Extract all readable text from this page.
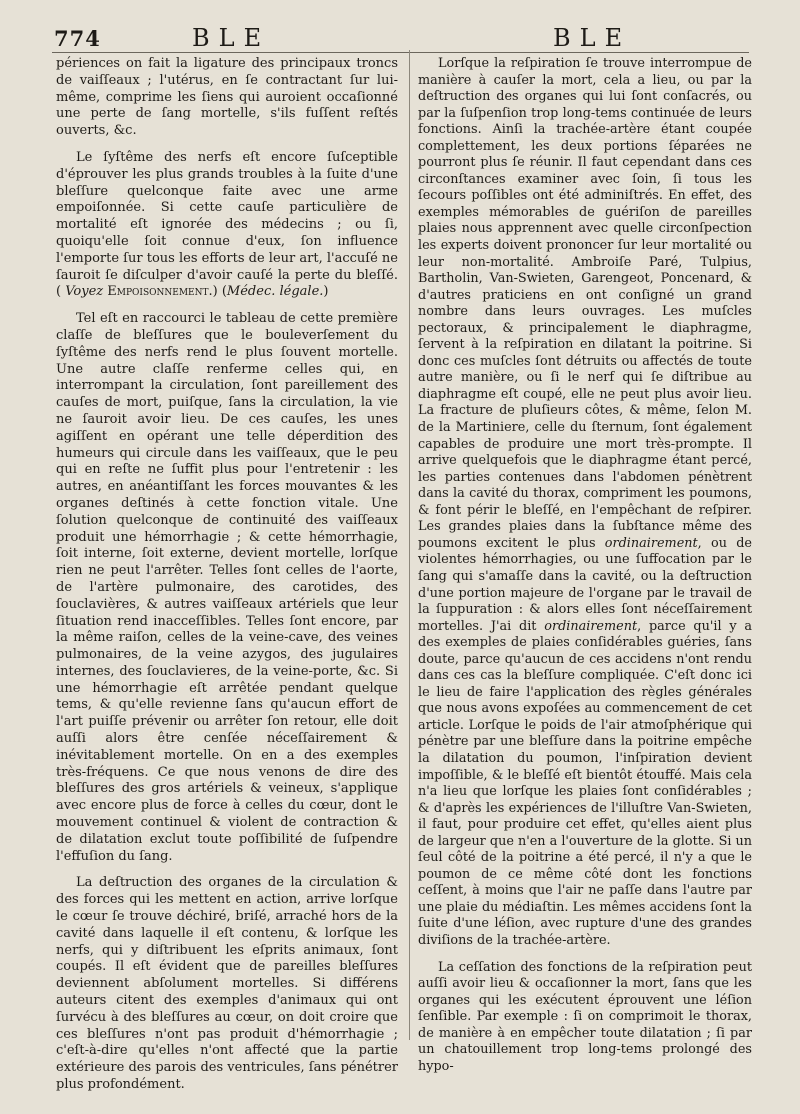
774	BLE	BLE

périences on fait la ligature des principaux troncs de vaiſſeaux ; l'utérus, en ſe contractant ſur lui-même, comprime les ſiens qui auroient occaſionné une perte de ſang mortelle, s'ils fuſſent reſtés ouverts, &c.

Le ſyſtême des nerfs eſt encore ſuſceptible d'éprouver les plus grands troubles à la ſuite d'une bleſſure quelconque faite avec une arme empoiſonnée. Si cette cauſe particulière de mortalité eſt ignorée des médecins ; ou ſi, quoiqu'elle ſoit connue d'eux, ſon influence l'emporte ſur tous les efforts de leur art, l'accuſé ne ſauroit ſe diſculper d'avoir cauſé la perte du bleſſé. ( Voyez Empoisonnement.) (Médec. légale.)

Tel eſt en raccourci le tableau de cette première claſſe de bleſſures que le bouleverſement du ſyſtême des nerfs rend le plus ſouvent mortelle. Une autre claſſe renferme celles qui, en interrompant la circulation, ſont pareillement des cauſes de mort, puiſque, ſans la circulation, la vie ne ſauroit avoir lieu. De ces cauſes, les unes agiſſent en opérant une telle déperdition des humeurs qui circule dans les vaiſſeaux, que le peu qui en reſte ne ſuffit plus pour l'entretenir : les autres, en anéantiſſant les forces mouvantes & les organes deſtinés à cette fonction vitale. Une ſolution quelconque de continuité des vaiſſeaux produit une hémorrhagie ; & cette hémorrhagie, ſoit interne, ſoit externe, devient mortelle, lorſque rien ne peut l'arrêter. Telles ſont celles de l'aorte, de l'artère pulmonaire, des carotides, des ſouclavières, & autres vaiſſeaux artériels que leur ſituation rend inacceſſibles. Telles ſont encore, par la même raiſon, celles de la veine-cave, des veines pulmonaires, de la veine azygos, des jugulaires internes, des ſouclavieres, de la veine-porte, &c. Si une hémorrhagie eſt arrêtée pendant quelque tems, & qu'elle revienne ſans qu'aucun effort de l'art puiſſe prévenir ou arrêter ſon retour, elle doit auſſi alors être cenſée néceſſairement & inévitablement mortelle. On en a des exemples très-fréquens. Ce que nous venons de dire des bleſſures des gros artériels & veineux, s'applique avec encore plus de force à celles du cœur, dont le mouvement continuel & violent de contraction & de dilatation exclut toute poſſibilité de ſuſpendre l'effuſion du ſang.

La deſtruction des organes de la circulation & des forces qui les mettent en action, arrive lorſque le cœur ſe trouve déchiré, briſé, arraché hors de la cavité dans laquelle il eſt contenu, & lorſque les nerfs, qui y diſtribuent les eſprits animaux, ſont coupés. Il eſt évident que de pareilles bleſſures deviennent abſolument mortelles. Si différens auteurs citent des exemples d'animaux qui ont ſurvécu à des bleſſures au cœur, on doit croire que ces bleſſures n'ont pas produit d'hémorrhagie ; c'eſt-à-dire qu'elles n'ont affecté que la partie extérieure des parois des ventricules, ſans pénétrer plus profondément.

Lorſque la reſpiration ſe trouve interrompue de manière à cauſer la mort, cela a lieu, ou par la deſtruction des organes qui lui ſont conſacrés, ou par la ſuſpenſion trop long-tems continuée de leurs fonctions. Ainſi la trachée-artère étant coupée complettement, les deux portions ſéparées ne pourront plus ſe réunir. Il faut cependant dans ces circonſtances examiner avec ſoin, ſi tous les ſecours poſſibles ont été adminiſtrés. En effet, des exemples mémorables de guériſon de pareilles plaies nous apprennent avec quelle circonſpection les experts doivent prononcer ſur leur mortalité ou leur non-mortalité. Ambroiſe Paré, Tulpius, Bartholin, Van-Swieten, Garengeot, Poncenard, & d'autres praticiens en ont conſigné un grand nombre dans leurs ouvrages. Les muſcles pectoraux, & principalement le diaphragme, ſervent à la reſpiration en dilatant la poitrine. Si donc ces muſcles ſont détruits ou affectés de toute autre manière, ou ſi le nerf qui ſe diſtribue au diaphragme eſt coupé, elle ne peut plus avoir lieu. La fracture de pluſieurs côtes, & même, ſelon M. de la Martiniere, celle du ſternum, ſont également capables de produire une mort très-prompte. Il arrive quelquefois que le diaphragme étant percé, les parties contenues dans l'abdomen pénètrent dans la cavité du thorax, compriment les poumons, & font périr le bleſſé, en l'empêchant de reſpirer. Les grandes plaies dans la ſubſtance même des poumons excitent le plus ordinairement, ou de violentes hémorrhagies, ou une ſuffocation par le ſang qui s'amaſſe dans la cavité, ou la deſtruction d'une portion majeure de l'organe par le travail de la ſuppuration : & alors elles ſont néceſſairement mortelles. J'ai dit ordinairement, parce qu'il y a des exemples de plaies conſidérables guéries, ſans doute, parce qu'aucun de ces accidens n'ont rendu dans ces cas la bleſſure compliquée. C'eſt donc ici le lieu de faire l'application des règles générales que nous avons expoſées au commencement de cet article. Lorſque le poids de l'air atmoſphérique qui pénètre par une bleſſure dans la poitrine empêche la dilatation du poumon, l'inſpiration devient impoſſible, & le bleſſé eſt bientôt étouffé. Mais cela n'a lieu que lorſque les plaies ſont conſidérables ; & d'après les expériences de l'illuſtre Van-Swieten, il faut, pour produire cet effet, qu'elles aient plus de largeur que n'en a l'ouverture de la glotte. Si un ſeul côté de la poitrine a été percé, il n'y a que le poumon de ce même côté dont les fonctions ceſſent, à moins que l'air ne paſſe dans l'autre par une plaie du médiaſtin. Les mêmes accidens ſont la ſuite d'une léſion, avec rupture d'une des grandes diviſions de la trachée-artère.

La ceſſation des fonctions de la reſpiration peut auſſi avoir lieu & occaſionner la mort, ſans que les organes qui les exécutent éprouvent une léſion ſenſible. Par exemple : ſi on comprimoit le thorax, de manière à en empêcher toute dilatation ; ſi par un chatouillement trop long-tems prolongé des hypo-
